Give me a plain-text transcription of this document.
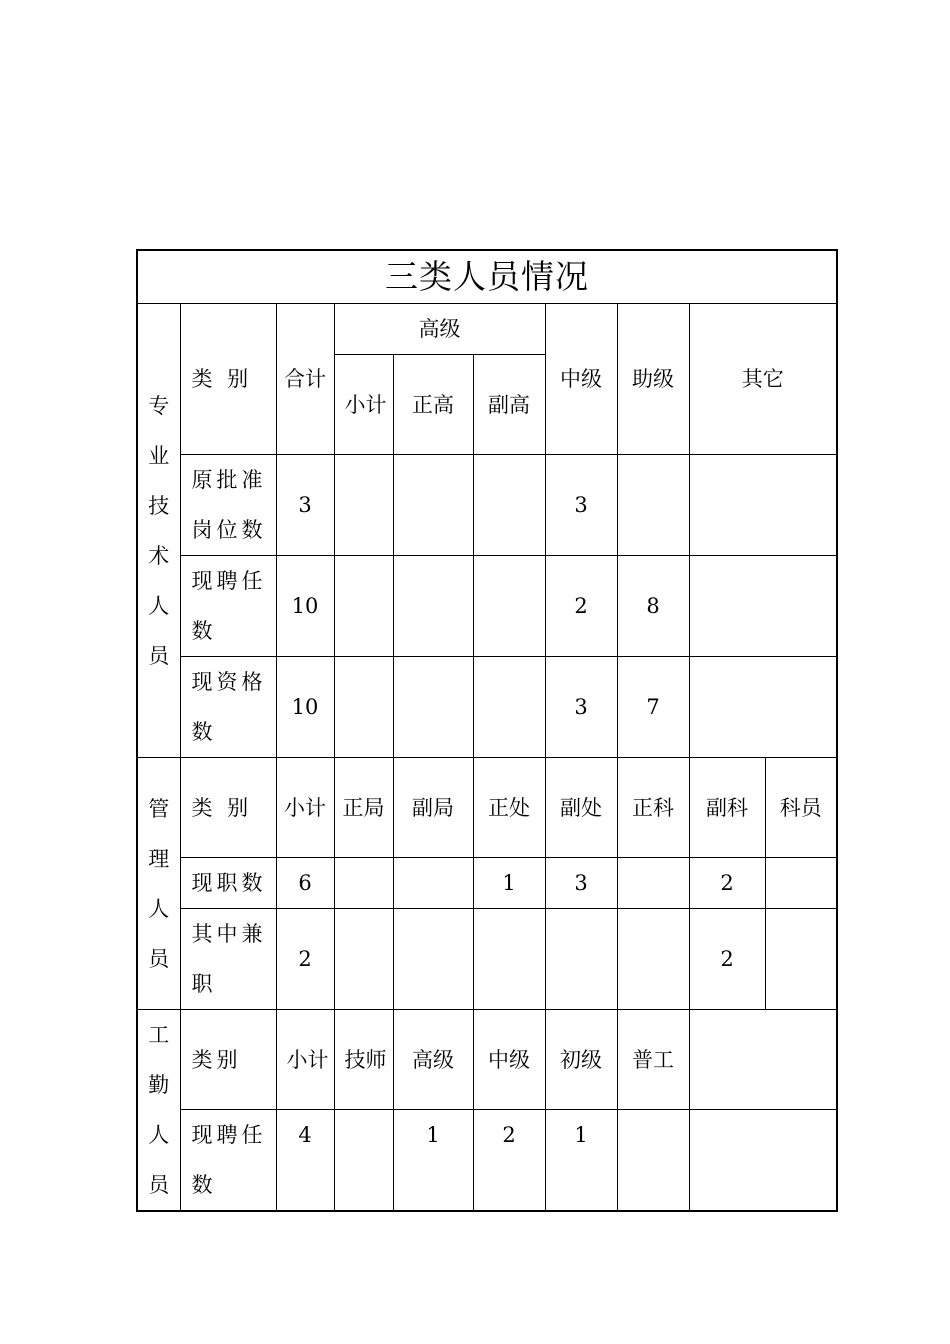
三类人员情况									
专业技术人员	类 别	合计	高级			中级	助级	其它	
			小计	正高	副高				
	原批准岗位数	3				3			
	现聘任数	10				2	8		
	现资格数	10				3	7		
管理人员	类 别	小计	正局	副局	正处	副处	正科	副科	科员
	现职数	6			1	3		2	
	其中兼职	2						2	
工勤人员	类别	小计	技师	高级	中级	初级	普工		
	现聘任数	4		1	2	1			
